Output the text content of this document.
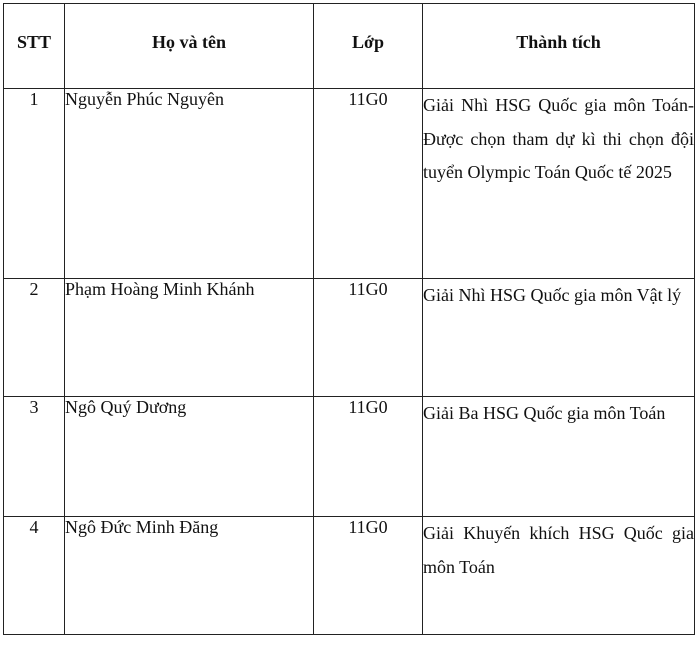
STT	Họ và tên	Lớp	Thành tích
1	Nguyễn Phúc Nguyên	11G0	Giải Nhì HSG Quốc gia môn Toán- Được chọn tham dự kì thi chọn đội tuyển Olympic Toán Quốc tế 2025
2	Phạm Hoàng Minh Khánh	11G0	Giải Nhì HSG Quốc gia môn Vật lý
3	Ngô Quý Dương	11G0	Giải Ba HSG Quốc gia môn Toán
4	Ngô Đức Minh Đăng	11G0	Giải Khuyến khích HSG Quốc gia môn Toán
